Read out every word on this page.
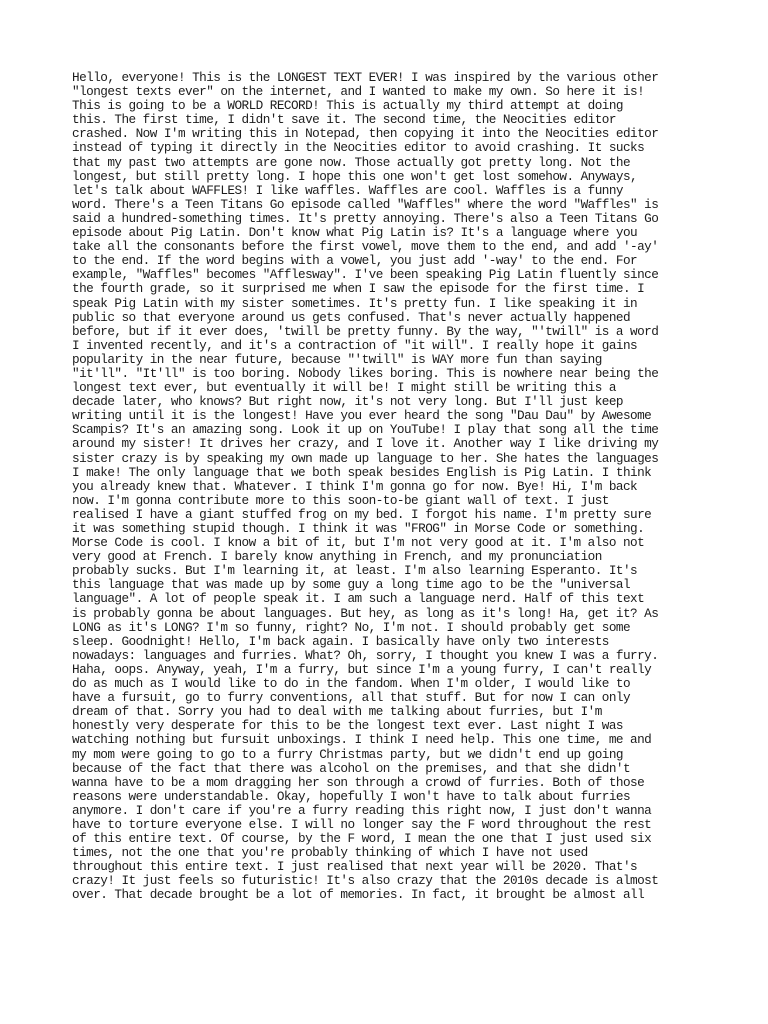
Hello, everyone! This is the LONGEST TEXT EVER! I was inspired by the various other
"longest texts ever" on the internet, and I wanted to make my own. So here it is!
This is going to be a WORLD RECORD! This is actually my third attempt at doing
this. The first time, I didn't save it. The second time, the Neocities editor
crashed. Now I'm writing this in Notepad, then copying it into the Neocities editor
instead of typing it directly in the Neocities editor to avoid crashing. It sucks
that my past two attempts are gone now. Those actually got pretty long. Not the
longest, but still pretty long. I hope this one won't get lost somehow. Anyways,
let's talk about WAFFLES! I like waffles. Waffles are cool. Waffles is a funny
word. There's a Teen Titans Go episode called "Waffles" where the word "Waffles" is
said a hundred-something times. It's pretty annoying. There's also a Teen Titans Go
episode about Pig Latin. Don't know what Pig Latin is? It's a language where you
take all the consonants before the first vowel, move them to the end, and add '-ay'
to the end. If the word begins with a vowel, you just add '-way' to the end. For
example, "Waffles" becomes "Afflesway". I've been speaking Pig Latin fluently since
the fourth grade, so it surprised me when I saw the episode for the first time. I
speak Pig Latin with my sister sometimes. It's pretty fun. I like speaking it in
public so that everyone around us gets confused. That's never actually happened
before, but if it ever does, 'twill be pretty funny. By the way, "'twill" is a word
I invented recently, and it's a contraction of "it will". I really hope it gains
popularity in the near future, because "'twill" is WAY more fun than saying
"it'll". "It'll" is too boring. Nobody likes boring. This is nowhere near being the
longest text ever, but eventually it will be! I might still be writing this a
decade later, who knows? But right now, it's not very long. But I'll just keep
writing until it is the longest! Have you ever heard the song "Dau Dau" by Awesome
Scampis? It's an amazing song. Look it up on YouTube! I play that song all the time
around my sister! It drives her crazy, and I love it. Another way I like driving my
sister crazy is by speaking my own made up language to her. She hates the languages
I make! The only language that we both speak besides English is Pig Latin. I think
you already knew that. Whatever. I think I'm gonna go for now. Bye! Hi, I'm back
now. I'm gonna contribute more to this soon-to-be giant wall of text. I just
realised I have a giant stuffed frog on my bed. I forgot his name. I'm pretty sure
it was something stupid though. I think it was "FROG" in Morse Code or something.
Morse Code is cool. I know a bit of it, but I'm not very good at it. I'm also not
very good at French. I barely know anything in French, and my pronunciation
probably sucks. But I'm learning it, at least. I'm also learning Esperanto. It's
this language that was made up by some guy a long time ago to be the "universal
language". A lot of people speak it. I am such a language nerd. Half of this text
is probably gonna be about languages. But hey, as long as it's long! Ha, get it? As
LONG as it's LONG? I'm so funny, right? No, I'm not. I should probably get some
sleep. Goodnight! Hello, I'm back again. I basically have only two interests
nowadays: languages and furries. What? Oh, sorry, I thought you knew I was a furry.
Haha, oops. Anyway, yeah, I'm a furry, but since I'm a young furry, I can't really
do as much as I would like to do in the fandom. When I'm older, I would like to
have a fursuit, go to furry conventions, all that stuff. But for now I can only
dream of that. Sorry you had to deal with me talking about furries, but I'm
honestly very desperate for this to be the longest text ever. Last night I was
watching nothing but fursuit unboxings. I think I need help. This one time, me and
my mom were going to go to a furry Christmas party, but we didn't end up going
because of the fact that there was alcohol on the premises, and that she didn't
wanna have to be a mom dragging her son through a crowd of furries. Both of those
reasons were understandable. Okay, hopefully I won't have to talk about furries
anymore. I don't care if you're a furry reading this right now, I just don't wanna
have to torture everyone else. I will no longer say the F word throughout the rest
of this entire text. Of course, by the F word, I mean the one that I just used six
times, not the one that you're probably thinking of which I have not used
throughout this entire text. I just realised that next year will be 2020. That's
crazy! It just feels so futuristic! It's also crazy that the 2010s decade is almost
over. That decade brought be a lot of memories. In fact, it brought be almost all
